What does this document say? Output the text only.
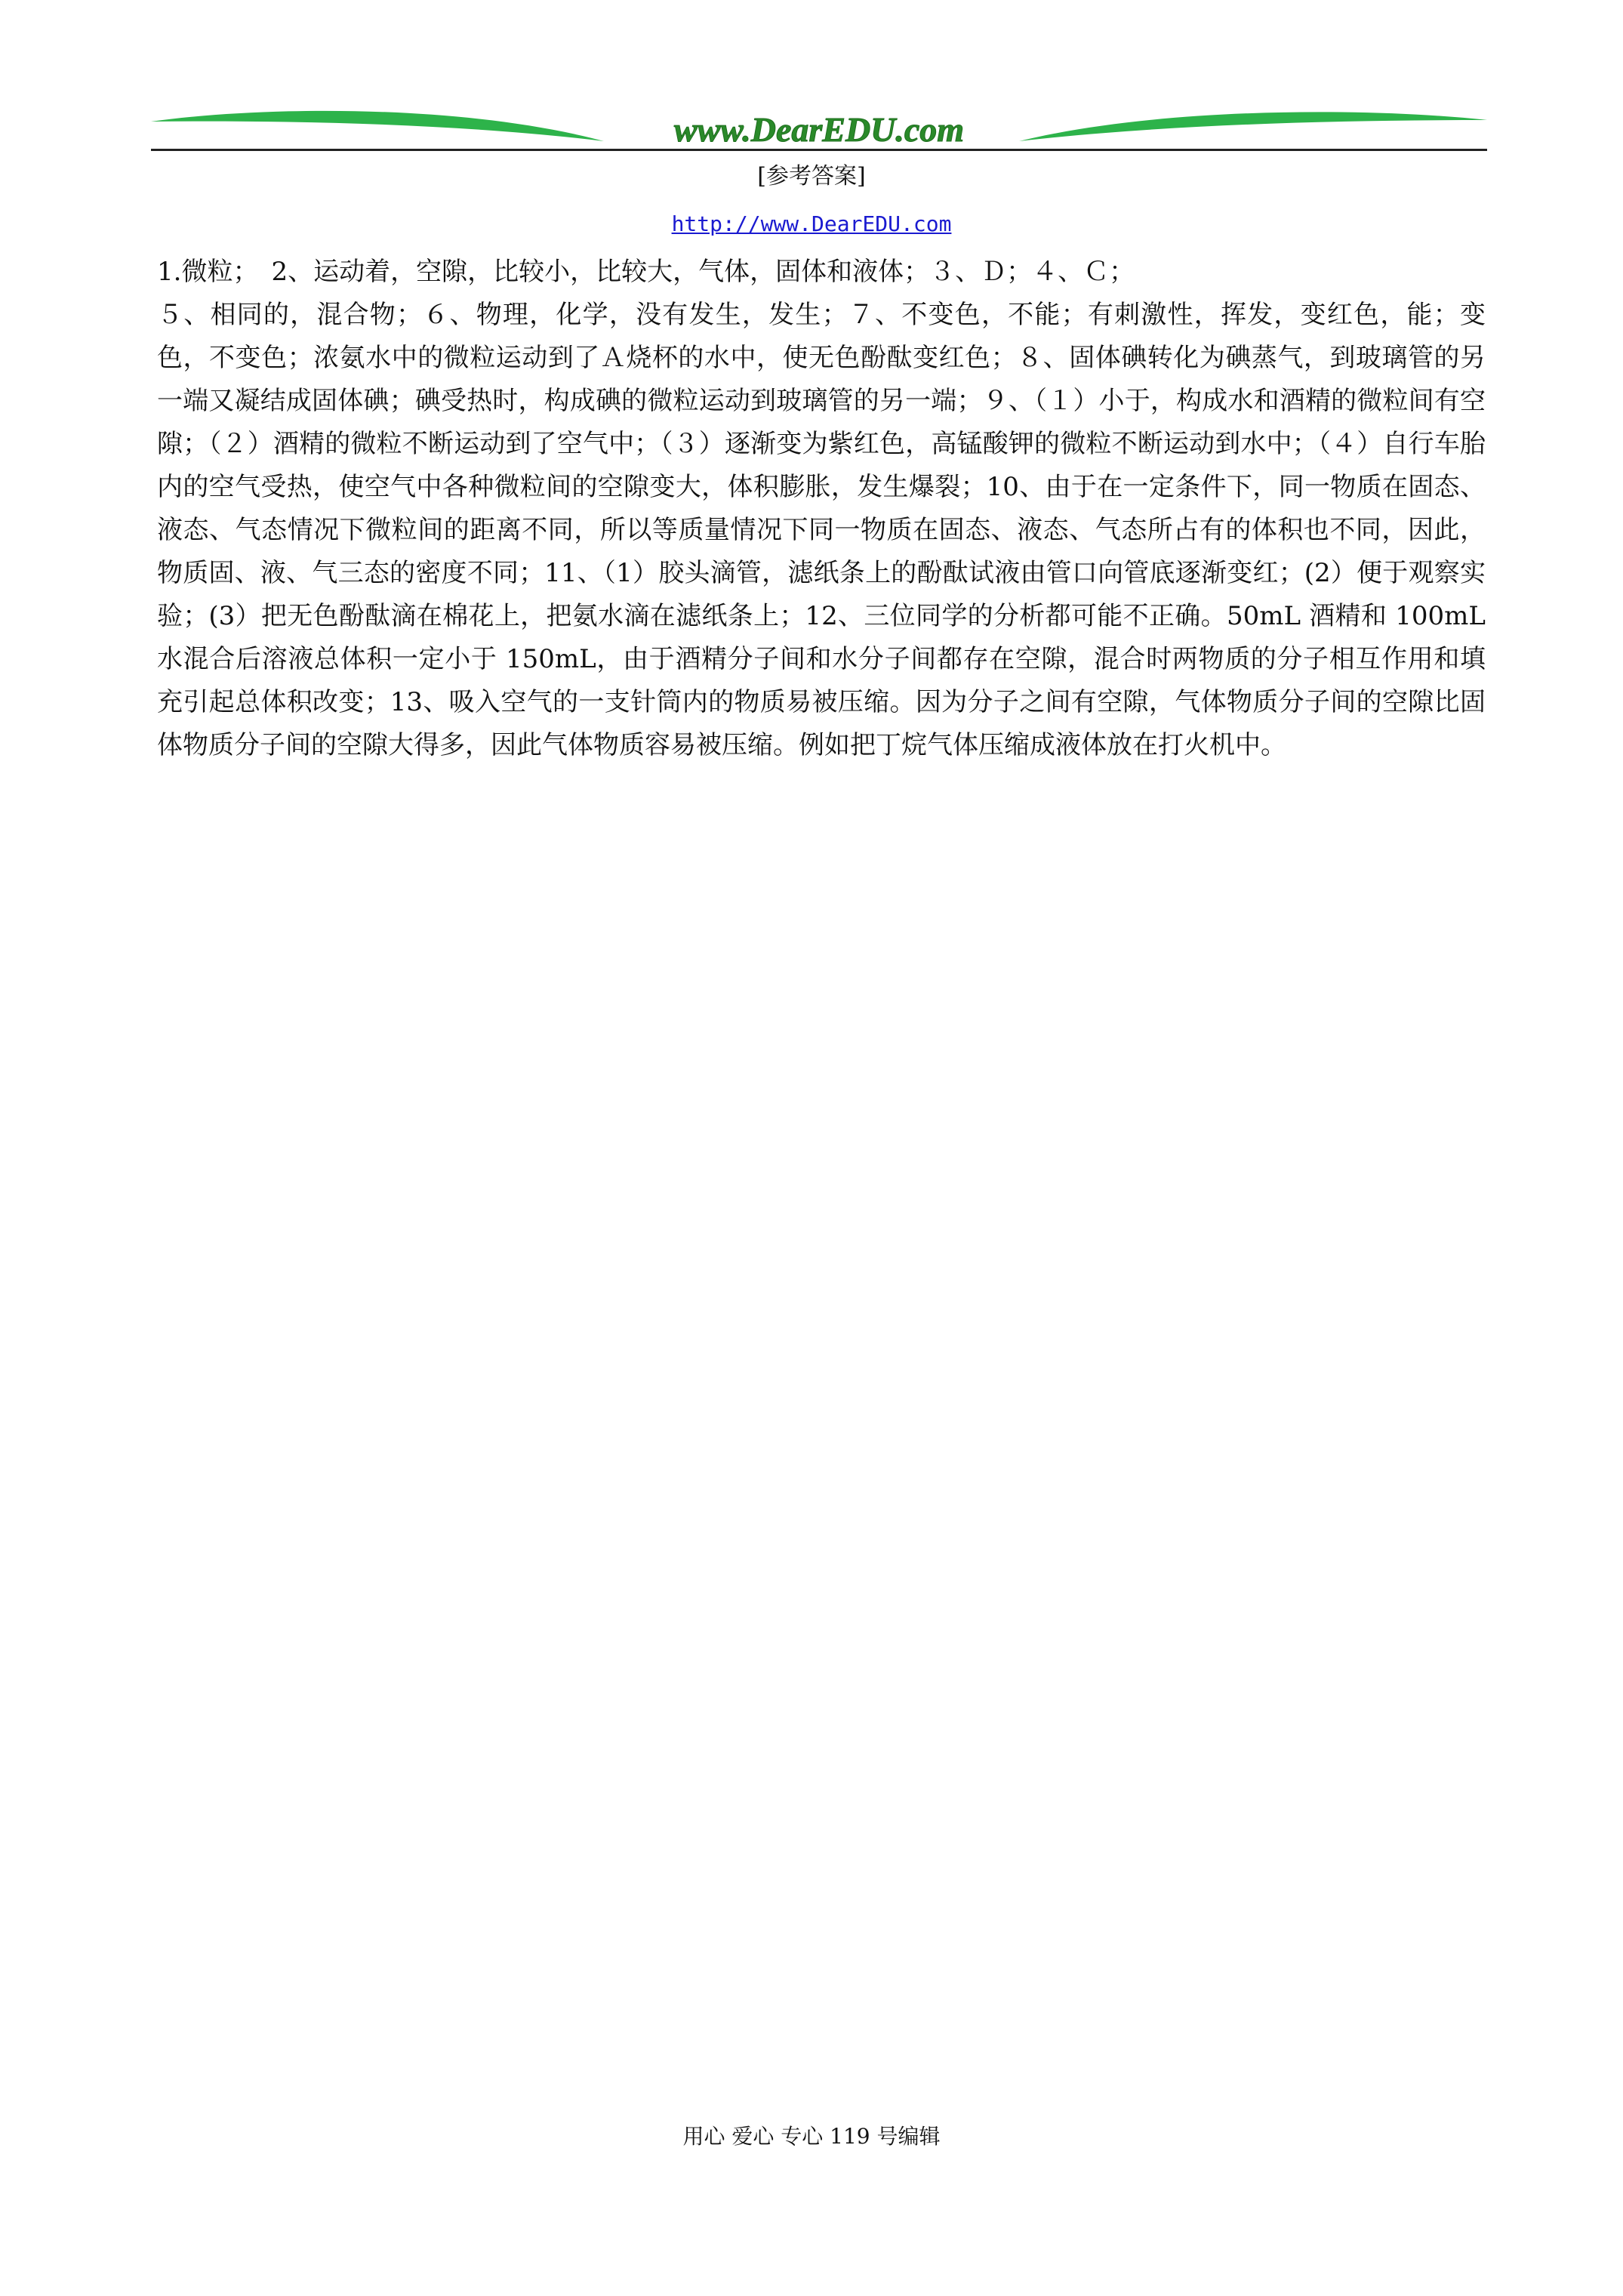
www.DearEDU.com
[参考答案]
http://www.DearEDU.com

1.微粒；　2、运动着，空隙，比较小，比较大，气体，固体和液体；３、Ｄ；４、Ｃ；

５、相同的，混合物；６、物理，化学，没有发生，发生；７、不变色，不能；有刺激性，挥发，变红色，能；变色，不变色；浓氨水中的微粒运动到了Ａ烧杯的水中，使无色酚酞变红色；８、固体碘转化为碘蒸气，到玻璃管的另一端又凝结成固体碘；碘受热时，构成碘的微粒运动到玻璃管的另一端；９、（１）小于，构成水和酒精的微粒间有空隙；（２）酒精的微粒不断运动到了空气中；（３）逐渐变为紫红色，高锰酸钾的微粒不断运动到水中；（４）自行车胎内的空气受热，使空气中各种微粒间的空隙变大，体积膨胀，发生爆裂；10、由于在一定条件下，同一物质在固态、液态、气态情况下微粒间的距离不同，所以等质量情况下同一物质在固态、液态、气态所占有的体积也不同，因此，物质固、液、气三态的密度不同；11、（1）胶头滴管，滤纸条上的酚酞试液由管口向管底逐渐变红；(2）便于观察实验；(3）把无色酚酞滴在棉花上，把氨水滴在滤纸条上；12、三位同学的分析都可能不正确。50mL 酒精和 100mL 水混合后溶液总体积一定小于 150mL，由于酒精分子间和水分子间都存在空隙，混合时两物质的分子相互作用和填充引起总体积改变；13、吸入空气的一支针筒内的物质易被压缩。因为分子之间有空隙，气体物质分子间的空隙比固体物质分子间的空隙大得多，因此气体物质容易被压缩。例如把丁烷气体压缩成液体放在打火机中。

用心 爱心 专心 119 号编辑
